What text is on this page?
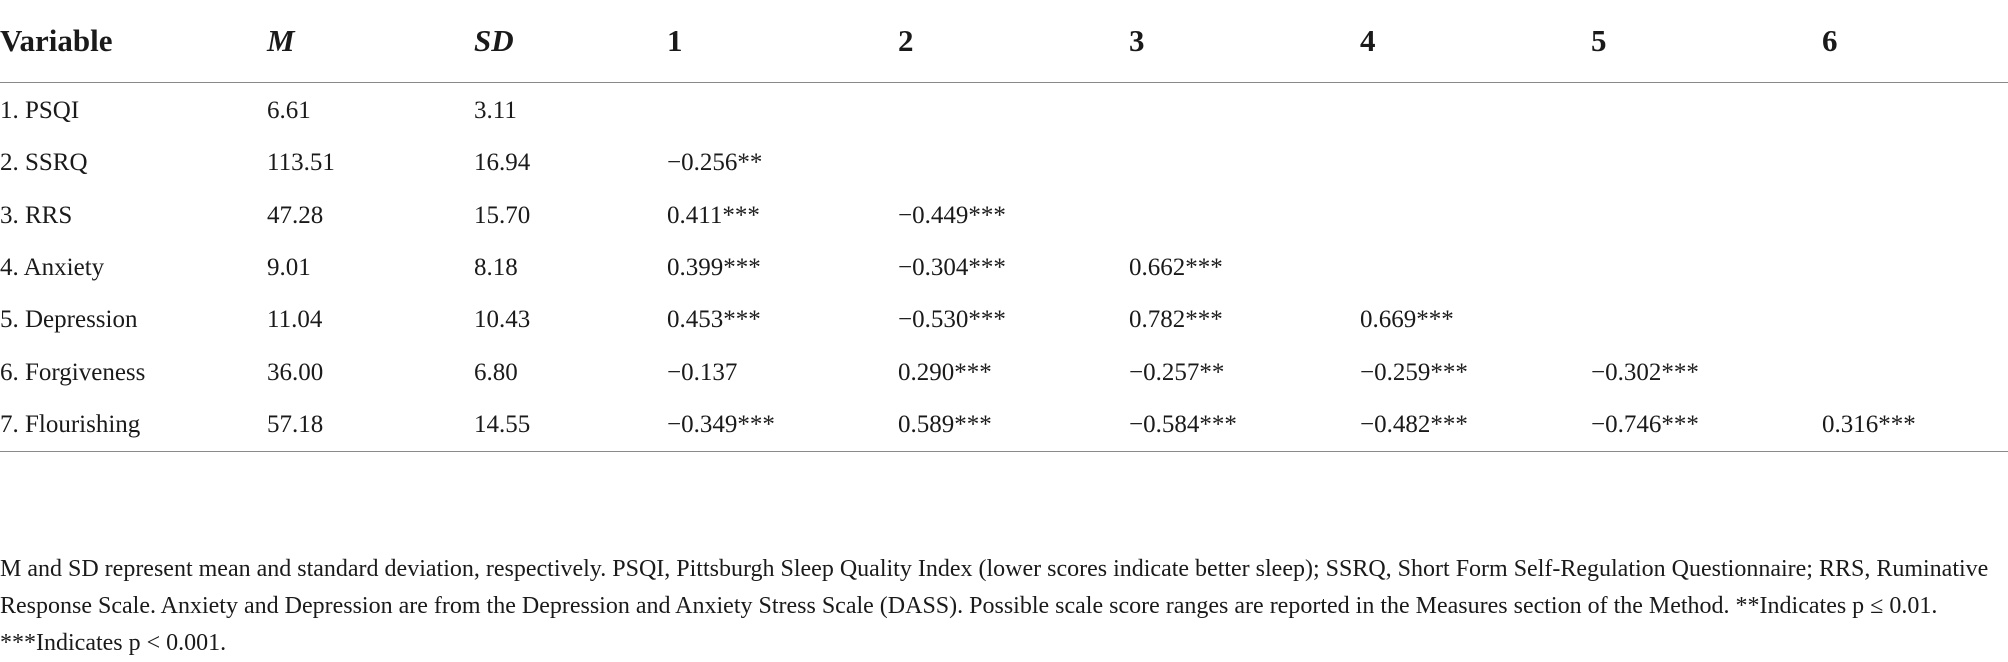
Variable	M	SD	1	2	3	4	5	6
1. PSQI	6.61	3.11						
2. SSRQ	113.51	16.94	−0.256**					
3. RRS	47.28	15.70	0.411***	−0.449***				
4. Anxiety	9.01	8.18	0.399***	−0.304***	0.662***			
5. Depression	11.04	10.43	0.453***	−0.530***	0.782***	0.669***		
6. Forgiveness	36.00	6.80	−0.137	0.290***	−0.257**	−0.259***	−0.302***	
7. Flourishing	57.18	14.55	−0.349***	0.589***	−0.584***	−0.482***	−0.746***	0.316***

M and SD represent mean and standard deviation, respectively. PSQI, Pittsburgh Sleep Quality Index (lower scores indicate better sleep); SSRQ, Short Form Self-Regulation Questionnaire; RRS, Ruminative Response Scale. Anxiety and Depression are from the Depression and Anxiety Stress Scale (DASS). Possible scale score ranges are reported in the Measures section of the Method. **Indicates p ≤ 0.01. ***Indicates p < 0.001.
